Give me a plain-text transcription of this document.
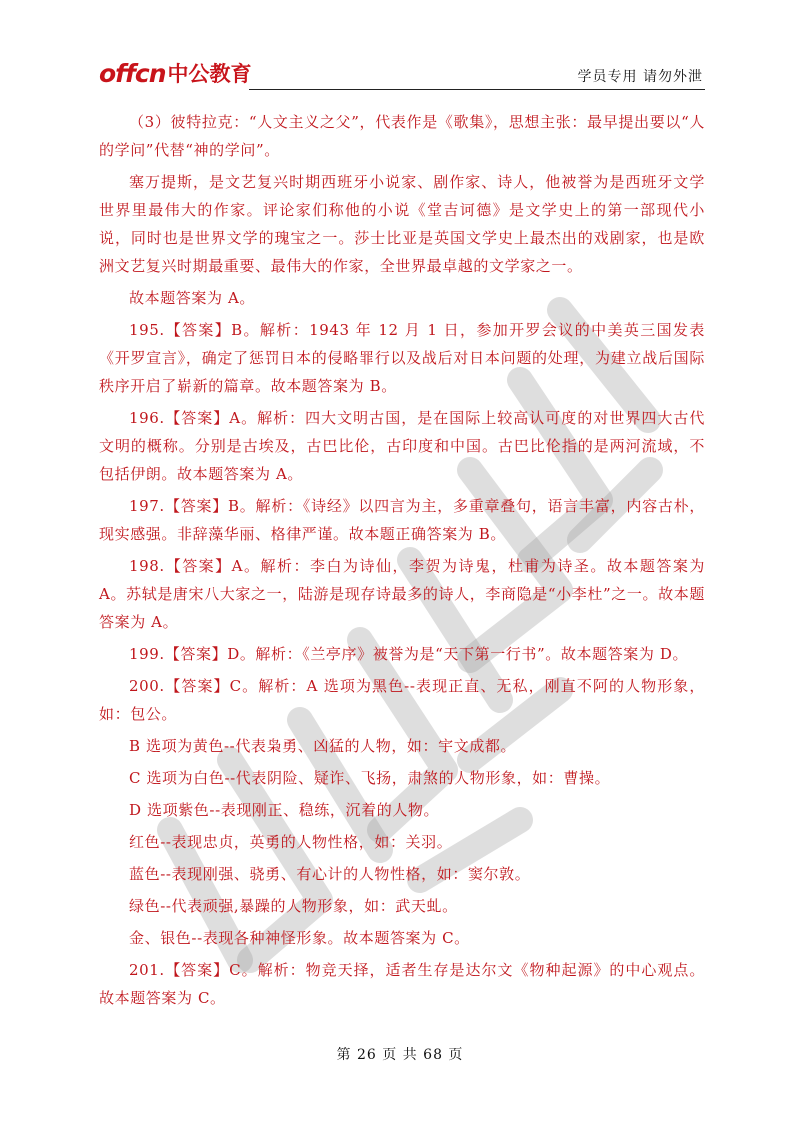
offcn 中公教育	学员专用 请勿外泄

（3）彼特拉克：“人文主义之父”，代表作是《歌集》，思想主张：最早提出要以“人的学问”代替“神的学问”。

塞万提斯，是文艺复兴时期西班牙小说家、剧作家、诗人，他被誉为是西班牙文学世界里最伟大的作家。评论家们称他的小说《堂吉诃德》是文学史上的第一部现代小说，同时也是世界文学的瑰宝之一。莎士比亚是英国文学史上最杰出的戏剧家，也是欧洲文艺复兴时期最重要、最伟大的作家，全世界最卓越的文学家之一。

故本题答案为 A。

195.【答案】B。解析：1943 年 12 月 1 日，参加开罗会议的中美英三国发表《开罗宣言》，确定了惩罚日本的侵略罪行以及战后对日本问题的处理，为建立战后国际秩序开启了崭新的篇章。故本题答案为 B。

196.【答案】A。解析：四大文明古国，是在国际上较高认可度的对世界四大古代文明的概称。分别是古埃及，古巴比伦，古印度和中国。古巴比伦指的是两河流域，不包括伊朗。故本题答案为 A。

197.【答案】B。解析：《诗经》以四言为主，多重章叠句，语言丰富，内容古朴，现实感强。非辞藻华丽、格律严谨。故本题正确答案为 B。

198.【答案】A。解析：李白为诗仙，李贺为诗鬼，杜甫为诗圣。故本题答案为 A。苏轼是唐宋八大家之一，陆游是现存诗最多的诗人，李商隐是“小李杜”之一。故本题答案为 A。

199.【答案】D。解析：《兰亭序》被誉为是“天下第一行书”。故本题答案为 D。

200.【答案】C。解析：A 选项为黑色--表现正直、无私，刚直不阿的人物形象，如：包公。

B 选项为黄色--代表枭勇、凶猛的人物，如：宇文成都。

C 选项为白色--代表阴险、疑诈、飞扬，肃煞的人物形象，如：曹操。

D 选项紫色--表现刚正、稳练，沉着的人物。

红色--表现忠贞，英勇的人物性格，如：关羽。

蓝色--表现刚强、骁勇、有心计的人物性格，如：窦尔敦。

绿色--代表顽强,暴躁的人物形象，如：武天虬。

金、银色--表现各种神怪形象。故本题答案为 C。

201.【答案】C。解析：物竞天择，适者生存是达尔文《物种起源》的中心观点。故本题答案为 C。

第 26 页 共 68 页
